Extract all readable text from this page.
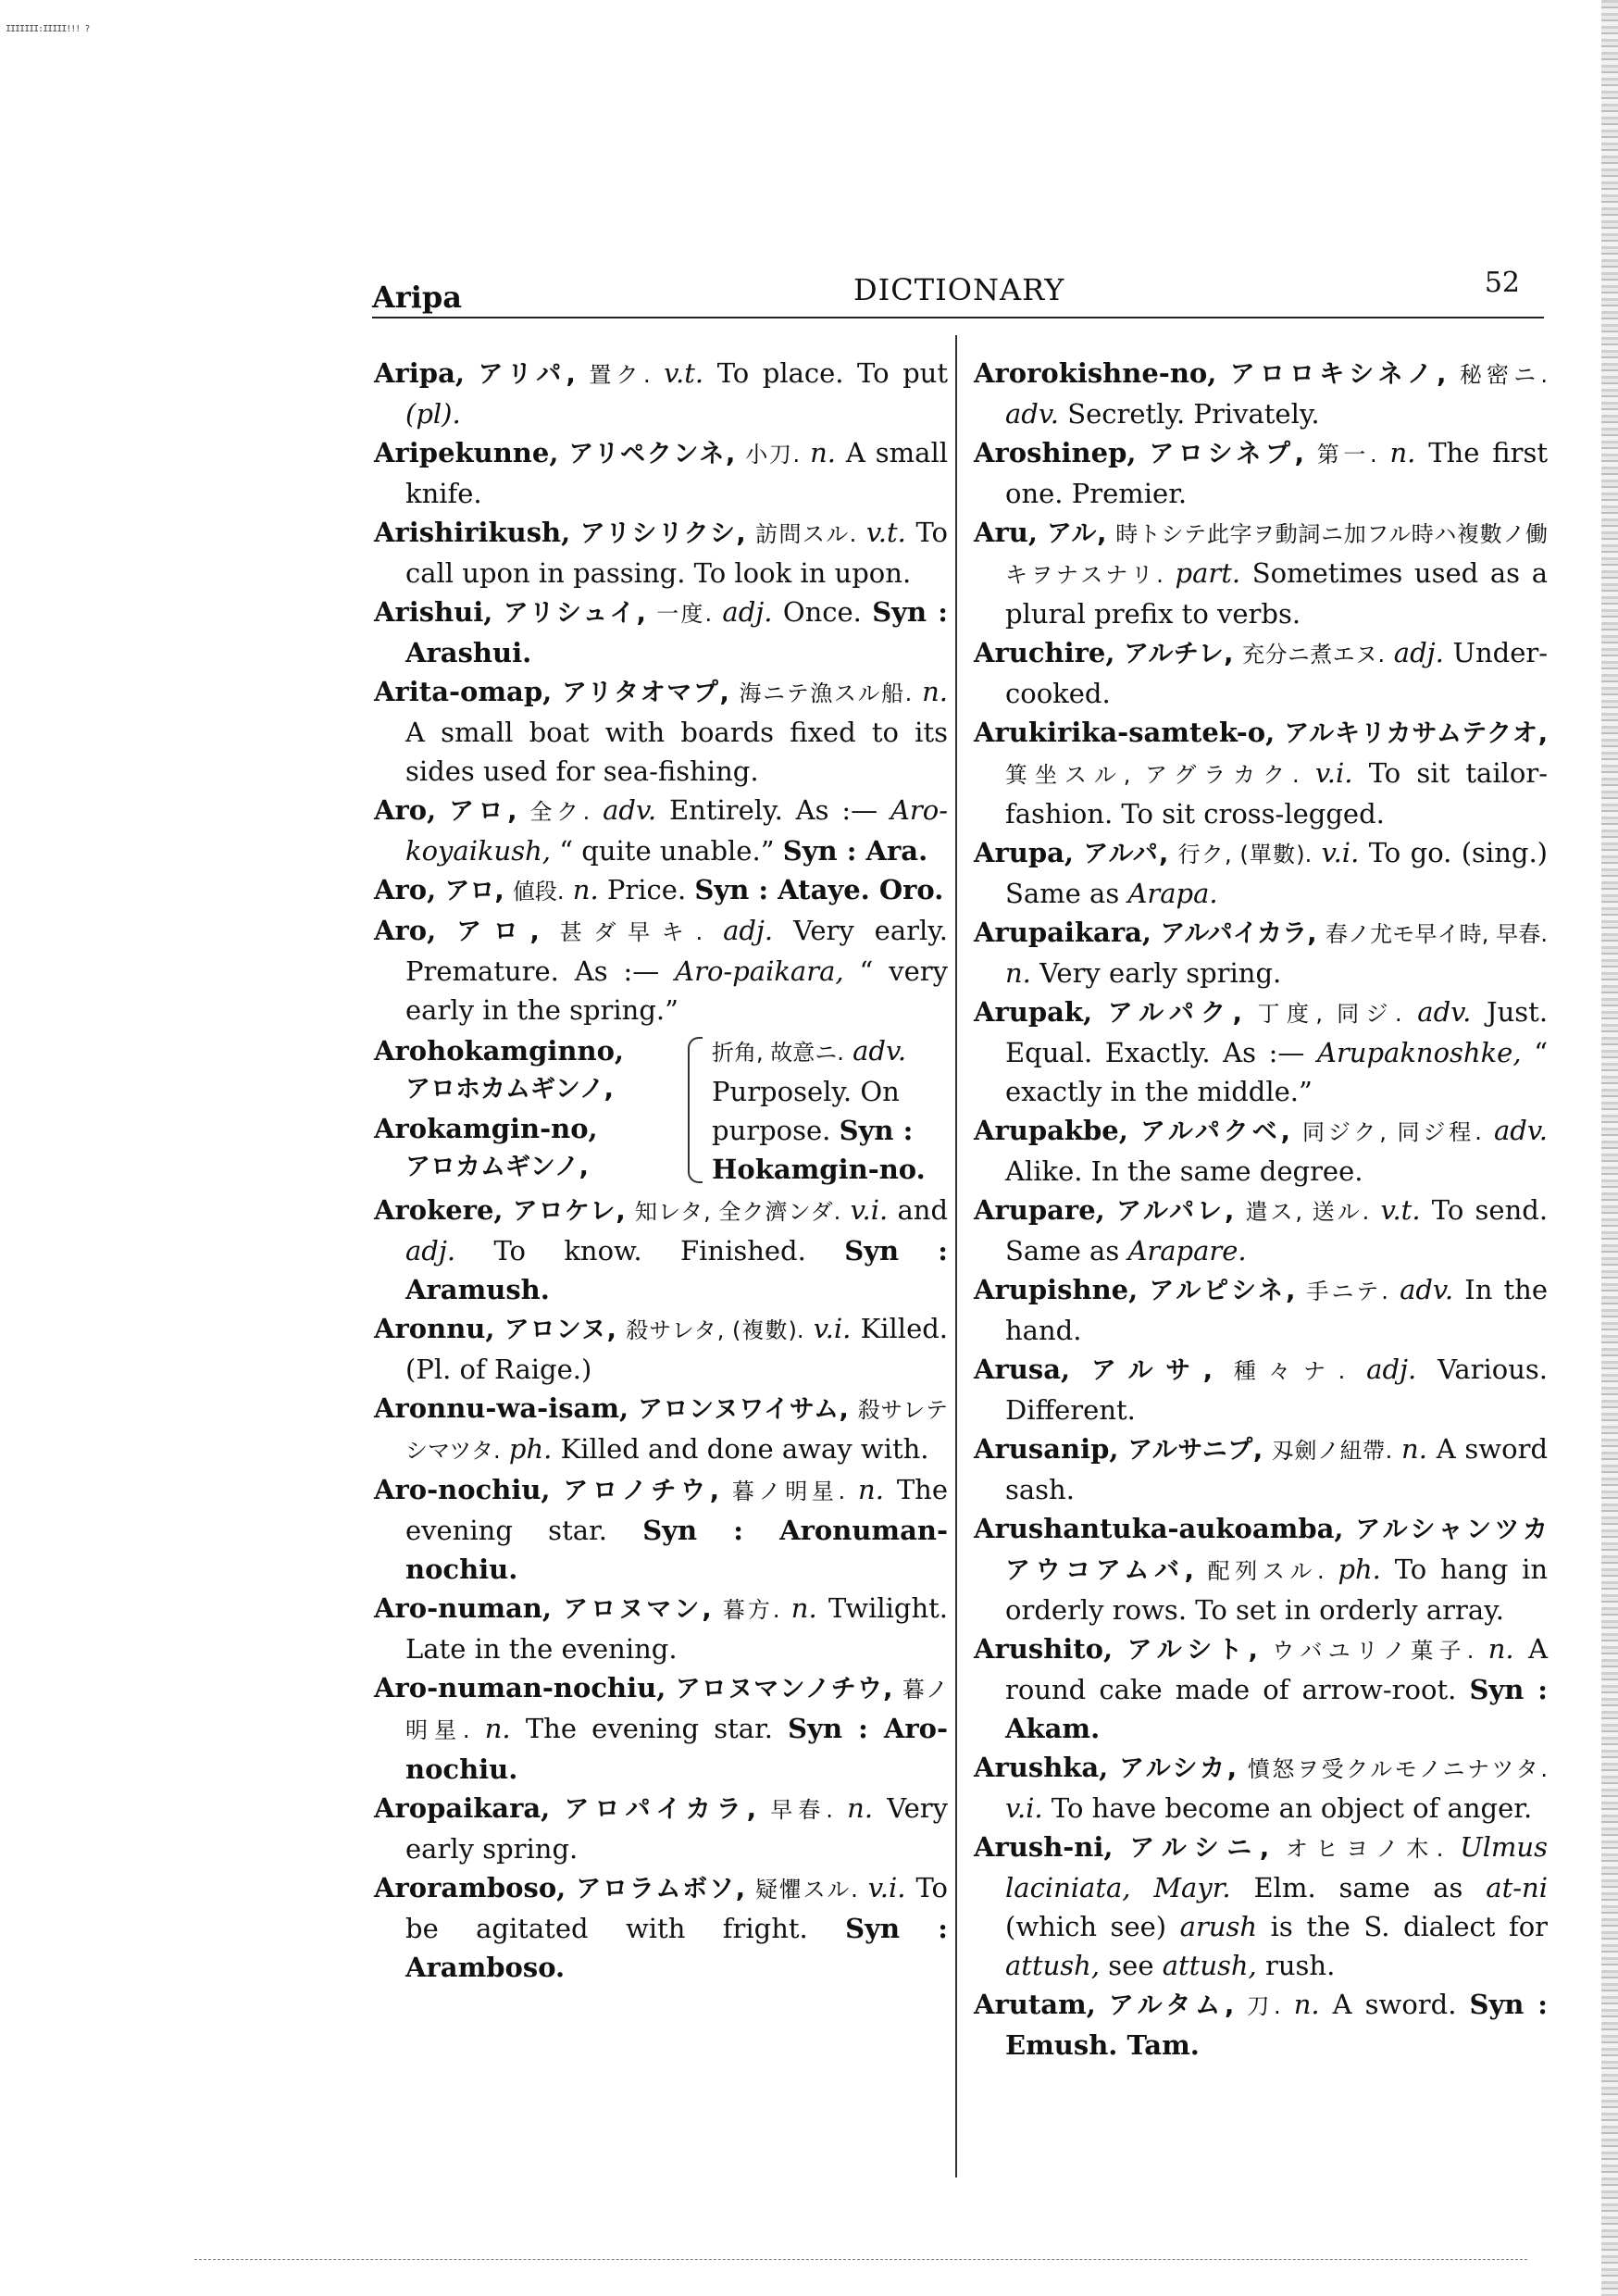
IIIIIII:IIIII!!! ?
Aripa	DICTIONARY	52
Aripa, アリパ, 置ク. v.t. To place. To put (pl).
Aripekunne, アリペクンネ, 小刀. n. A small knife.
Arishirikush, アリシリクシ, 訪問スル. v.t. To call upon in passing. To look in upon.
Arishui, アリシュイ, 一度. adj. Once. Syn : Arashui.
Arita-omap, アリタオマプ, 海ニテ漁スル船. n. A small boat with boards fixed to its sides used for sea-fishing.
Aro, アロ, 全ク. adv. Entirely. As :— Aro-koyaikush, “ quite unable.” Syn : Ara.
Aro, アロ, 値段. n. Price. Syn : Ataye. Oro.
Aro, アロ, 甚ダ早キ. adj. Very early. Premature. As :— Aro-paikara, “ very early in the spring.”
Arohokamginno,
アロホカムギンノ,
Arokamgin-no,
アロカムギンノ,
折角, 故意ニ. adv. Purposely. On purpose. Syn : Hokamgin-no.
Arokere, アロケレ, 知レタ, 全ク濟ンダ. v.i. and adj. To know. Finished. Syn : Aramush.
Aronnu, アロンヌ, 殺サレタ, (複數). v.i. Killed. (Pl. of Raige.)
Aronnu-wa-isam, アロンヌワイサム, 殺サレテシマツタ. ph. Killed and done away with.
Aro-nochiu, アロノチウ, 暮ノ明星. n. The evening star. Syn : Aronuman-nochiu.
Aro-numan, アロヌマン, 暮方. n. Twilight. Late in the evening.
Aro-numan-nochiu, アロヌマンノチウ, 暮ノ明星. n. The evening star. Syn : Aro-nochiu.
Aropaikara, アロパイカラ, 早春. n. Very early spring.
Aroramboso, アロラムボソ, 疑懼スル. v.i. To be agitated with fright. Syn : Aramboso.
Arorokishne-no, アロロキシネノ, 秘密ニ. adv. Secretly. Privately.
Aroshinep, アロシネプ, 第一. n. The first one. Premier.
Aru, アル, 時トシテ此字ヲ動詞ニ加フル時ハ複數ノ働キヲナスナリ. part. Sometimes used as a plural prefix to verbs.
Aruchire, アルチレ, 充分ニ煮エヌ. adj. Under-cooked.
Arukirika-samtek-o, アルキリカサムテクオ, 箕坐スル, アグラカク. v.i. To sit tailor-fashion. To sit cross-legged.
Arupa, アルパ, 行ク, (單數). v.i. To go. (sing.) Same as Arapa.
Arupaikara, アルパイカラ, 春ノ尤モ早イ時, 早春. n. Very early spring.
Arupak, アルパク, 丁度, 同ジ. adv. Just. Equal. Exactly. As :— Arupaknoshke, “ exactly in the middle.”
Arupakbe, アルパクベ, 同ジク, 同ジ程. adv. Alike. In the same degree.
Arupare, アルパレ, 遣ス, 送ル. v.t. To send. Same as Arapare.
Arupishne, アルピシネ, 手ニテ. adv. In the hand.
Arusa, アルサ, 種々ナ. adj. Various. Different.
Arusanip, アルサニプ, 刄劍ノ紐帶. n. A sword sash.
Arushantuka-aukoamba, アルシャンツカアウコアムバ, 配列スル. ph. To hang in orderly rows. To set in orderly array.
Arushito, アルシト, ウバユリノ菓子. n. A round cake made of arrow-root. Syn : Akam.
Arushka, アルシカ, 憤怒ヲ受クルモノニナツタ. v.i. To have become an object of anger.
Arush-ni, アルシニ, オヒヨノ木. Ulmus laciniata, Mayr. Elm. same as at-ni (which see) arush is the S. dialect for attush, see attush, rush.
Arutam, アルタム, 刀. n. A sword. Syn : Emush. Tam.
